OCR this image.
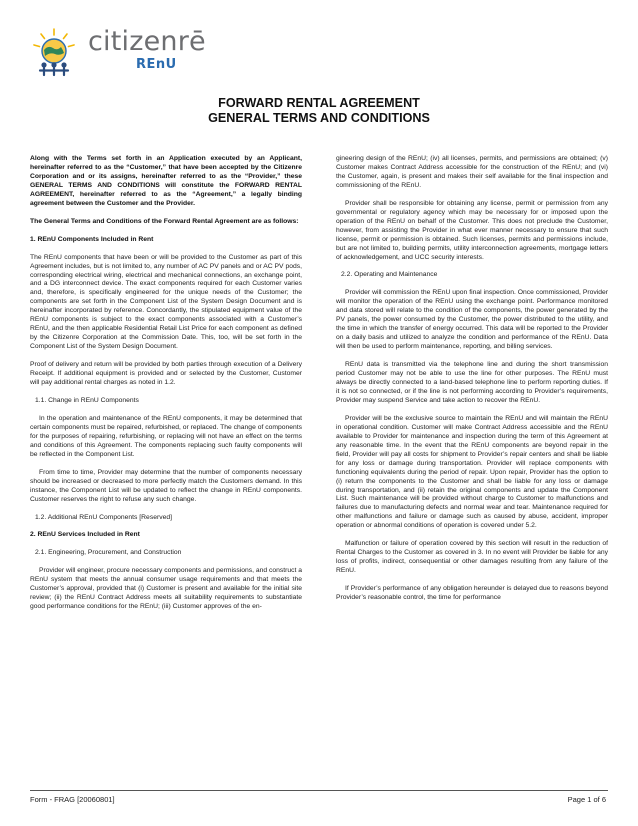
citizenrē
REnU
FORWARD RENTAL AGREEMENT
GENERAL TERMS AND CONDITIONS

Along with the Terms set forth in an Application executed by an Applicant, hereinafter referred to as the “Customer,” that have been accepted by the Citizenre Corporation and or its assigns, hereinafter referred to as the “Provider,” these GENERAL TERMS AND CONDITIONS will constitute the FORWARD RENTAL AGREEMENT, hereinafter referred to as the “Agreement,” a legally binding agreement between the Customer and the Provider.

The General Terms and Conditions of the Forward Rental Agreement are as follows:

1. REnU Components Included in Rent

The REnU components that have been or will be provided to the Customer as part of this Agreement includes, but is not limited to, any number of AC PV panels and or AC PV pods, corresponding electrical wiring, electrical and mechanical connections, an exchange point, and a DG interconnect device. The exact components required for each Customer varies and, therefore, is specifically engineered for the unique needs of the Customer; the components are set forth in the Component List of the System Design Document and is hereinafter incorporated by reference. Concordantly, the stipulated equipment value of the REnU components is subject to the exact components associated with a Customer’s REnU, and the then applicable Residential Retail List Price for each component as defined by the Citizenre Corporation at the Commission Date. This, too, will be set forth in the Component List of the System Design Document.

Proof of delivery and return will be provided by both parties through execution of a Delivery Receipt. If additional equipment is provided and or selected by the Customer, Customer will pay additional rental charges as noted in 1.2.

1.1. Change in REnU Components

In the operation and maintenance of the REnU components, it may be determined that certain components must be repaired, refurbished, or replaced. The change of components for the purposes of repairing, refurbishing, or replacing will not have an effect on the terms and conditions of this Agreement. The components replacing such faulty components will be reflected in the Component List.

From time to time, Provider may determine that the number of components necessary should be increased or decreased to more perfectly match the Customers demand. In this instance, the Component List will be updated to reflect the change in REnU components. Customer reserves the right to refuse any such change.

1.2. Additional REnU Components [Reserved]

2. REnU Services Included in Rent

2.1. Engineering, Procurement, and Construction

Provider will engineer, procure necessary components and permissions, and construct a REnU system that meets the annual consumer usage requirements and that meets the Customer’s approval, provided that (i) Customer is present and available for the initial site review; (ii) the REnU Contract Address meets all suitability requirements to substantiate good performance conditions for the REnU; (iii) Customer approves of the en-

gineering design of the REnU; (iv) all licenses, permits, and permissions are obtained; (v) Customer makes Contract Address accessible for the construction of the REnU; and (vi) the Customer, again, is present and makes their self available for the final inspection and commissioning of the REnU.

Provider shall be responsible for obtaining any license, permit or permission from any governmental or regulatory agency which may be necessary for or imposed upon the operation of the REnU on behalf of the Customer. This does not preclude the Customer, however, from assisting the Provider in what ever manner necessary to ensure that such license, permit or permission is obtained. Such licenses, permits and permissions include, but are not limited to, building permits, utility interconnection agreements, mortgage letters of acknowledgement, and UCC security interests.

2.2. Operating and Maintenance

Provider will commission the REnU upon final inspection. Once commissioned, Provider will monitor the operation of the REnU using the exchange point. Performance monitored and data stored will relate to the condition of the components, the power generated by the PV panels, the power consumed by the Customer, the power distributed to the utility, and the time in which the transfer of energy occurred. This data will be reported to the Provider on a daily basis and utilized to analyze the condition and performance of the REnU. Data will then be used to perform maintenance, reporting, and billing services.

REnU data is transmitted via the telephone line and during the short transmission period Customer may not be able to use the line for other purposes. The REnU must always be directly connected to a land-based telephone line to perform reporting duties. If it is not so connected, or if the line is not performing according to Provider’s requirements, Provider may suspend Service and take action to recover the REnU.

Provider will be the exclusive source to maintain the REnU and will maintain the REnU in operational condition. Customer will make Contract Address accessible and the REnU available to Provider for maintenance and inspection during the term of this Agreement at any reasonable time. In the event that the REnU components are beyond repair in the field, Provider will pay all costs for shipment to Provider’s repair centers and shall be liable for any loss or damage during transportation. Provider will replace components with functioning equivalents during the period of repair. Upon repair, Provider has the option to (i) return the components to the Customer and shall be liable for any loss or damage during transportation, and (ii) retain the original components and update the Component List. Such maintenance will be provided without charge to Customer to malfunctions and failures due to manufacturing defects and normal wear and tear. Maintenance required for other malfunctions and failure or damage such as caused by abuse, accident, improper operation or abnormal conditions of operation is covered under 5.2.

Malfunction or failure of operation covered by this section will result in the reduction of Rental Charges to the Customer as covered in 3. In no event will Provider be liable for any loss of profits, indirect, consequential or other damages resulting from any failure of the REnU.

If Provider’s performance of any obligation hereunder is delayed due to reasons beyond Provider’s reasonable control, the time for performance

Form - FRAG [20060801]	Page 1 of 6
